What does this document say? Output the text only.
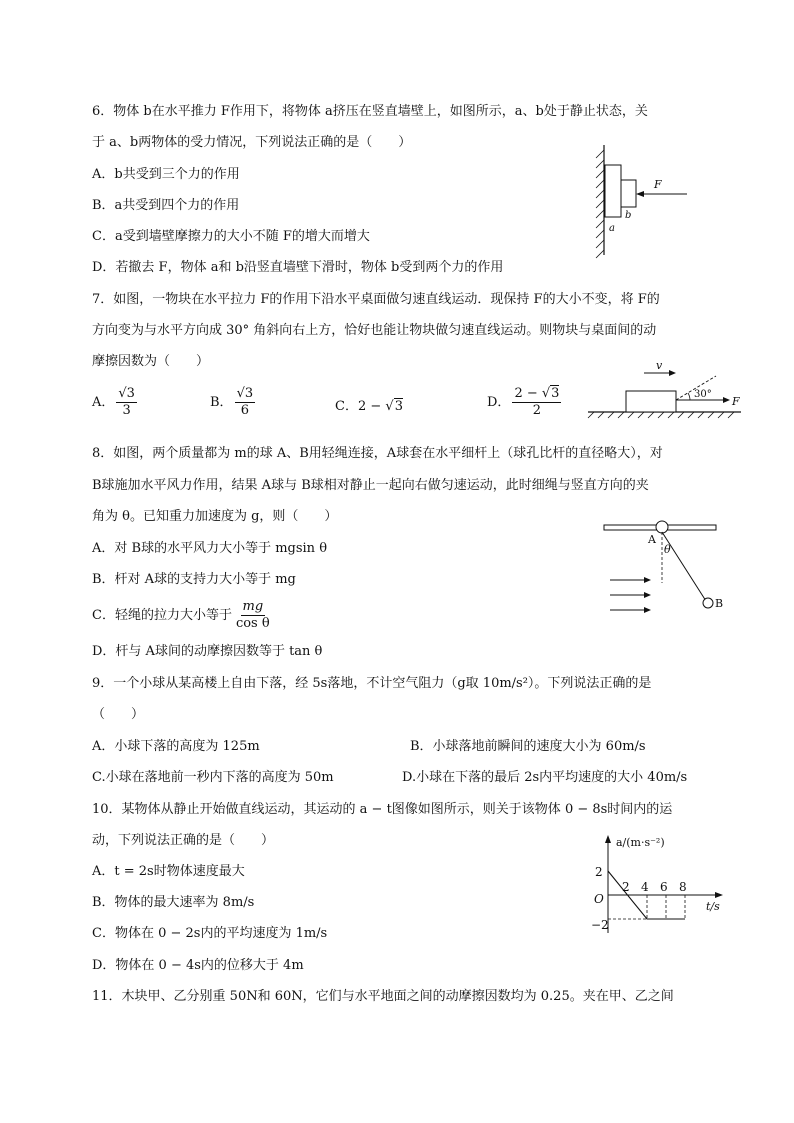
6．物体 b在水平推力 F作用下，将物体 a挤压在竖直墙壁上，如图所示，a、b处于静止状态，关
于 a、b两物体的受力情况，下列说法正确的是（　　）
A．b共受到三个力的作用
B．a共受到四个力的作用
C．a受到墙壁摩擦力的大小不随 F的增大而增大
D．若撤去 F，物体 a和 b沿竖直墙壁下滑时，物体 b受到两个力的作用
F
b
a
7．如图，一物块在水平拉力 F的作用下沿水平桌面做匀速直线运动．现保持 F的大小不变，将 F的
方向变为与水平方向成 30° 角斜向右上方，恰好也能让物块做匀速直线运动。则物块与桌面间的动
摩擦因数为（　　）
A． $\frac{√3}{3}$	B． $\frac{√3}{6}$	C．2 − √3	D． $\frac{2 - √3}{2}$
v
30°
F
8．如图，两个质量都为 m的球 A、B用轻绳连接，A球套在水平细杆上（球孔比杆的直径略大），对
B球施加水平风力作用，结果 A球与 B球相对静止一起向右做匀速运动，此时细绳与竖直方向的夹
角为 θ。已知重力加速度为 g，则（　　）
A．对 B球的水平风力大小等于 mgsin θ
B．杆对 A球的支持力大小等于 mg
C．轻绳的拉力大小等于 $\frac{mg}{\text{cos θ}}$
D．杆与 A球间的动摩擦因数等于 tan θ
A
θ
B
9．一个小球从某高楼上自由下落，经 5s落地，不计空气阻力（g取 10m/s²）。下列说法正确的是
（　　）
A．小球下落的高度为 125m	B．小球落地前瞬间的速度大小为 60m/s
C.小球在落地前一秒内下落的高度为 50m	D.小球在下落的最后 2s内平均速度的大小 40m/s
10．某物体从静止开始做直线运动，其运动的 a − t图像如图所示，则关于该物体 0 − 8s时间内的运
动，下列说法正确的是（　　）
A．t = 2s时物体速度最大
B．物体的最大速率为 8m/s
C．物体在 0 − 2s内的平均速度为 1m/s
D．物体在 0 − 4s内的位移大于 4m
a/(m·s⁻²)
t/s
O
2
−2
2 4 6 8
11．木块甲、乙分别重 50N和 60N，它们与水平地面之间的动摩擦因数均为 0.25。夹在甲、乙之间
